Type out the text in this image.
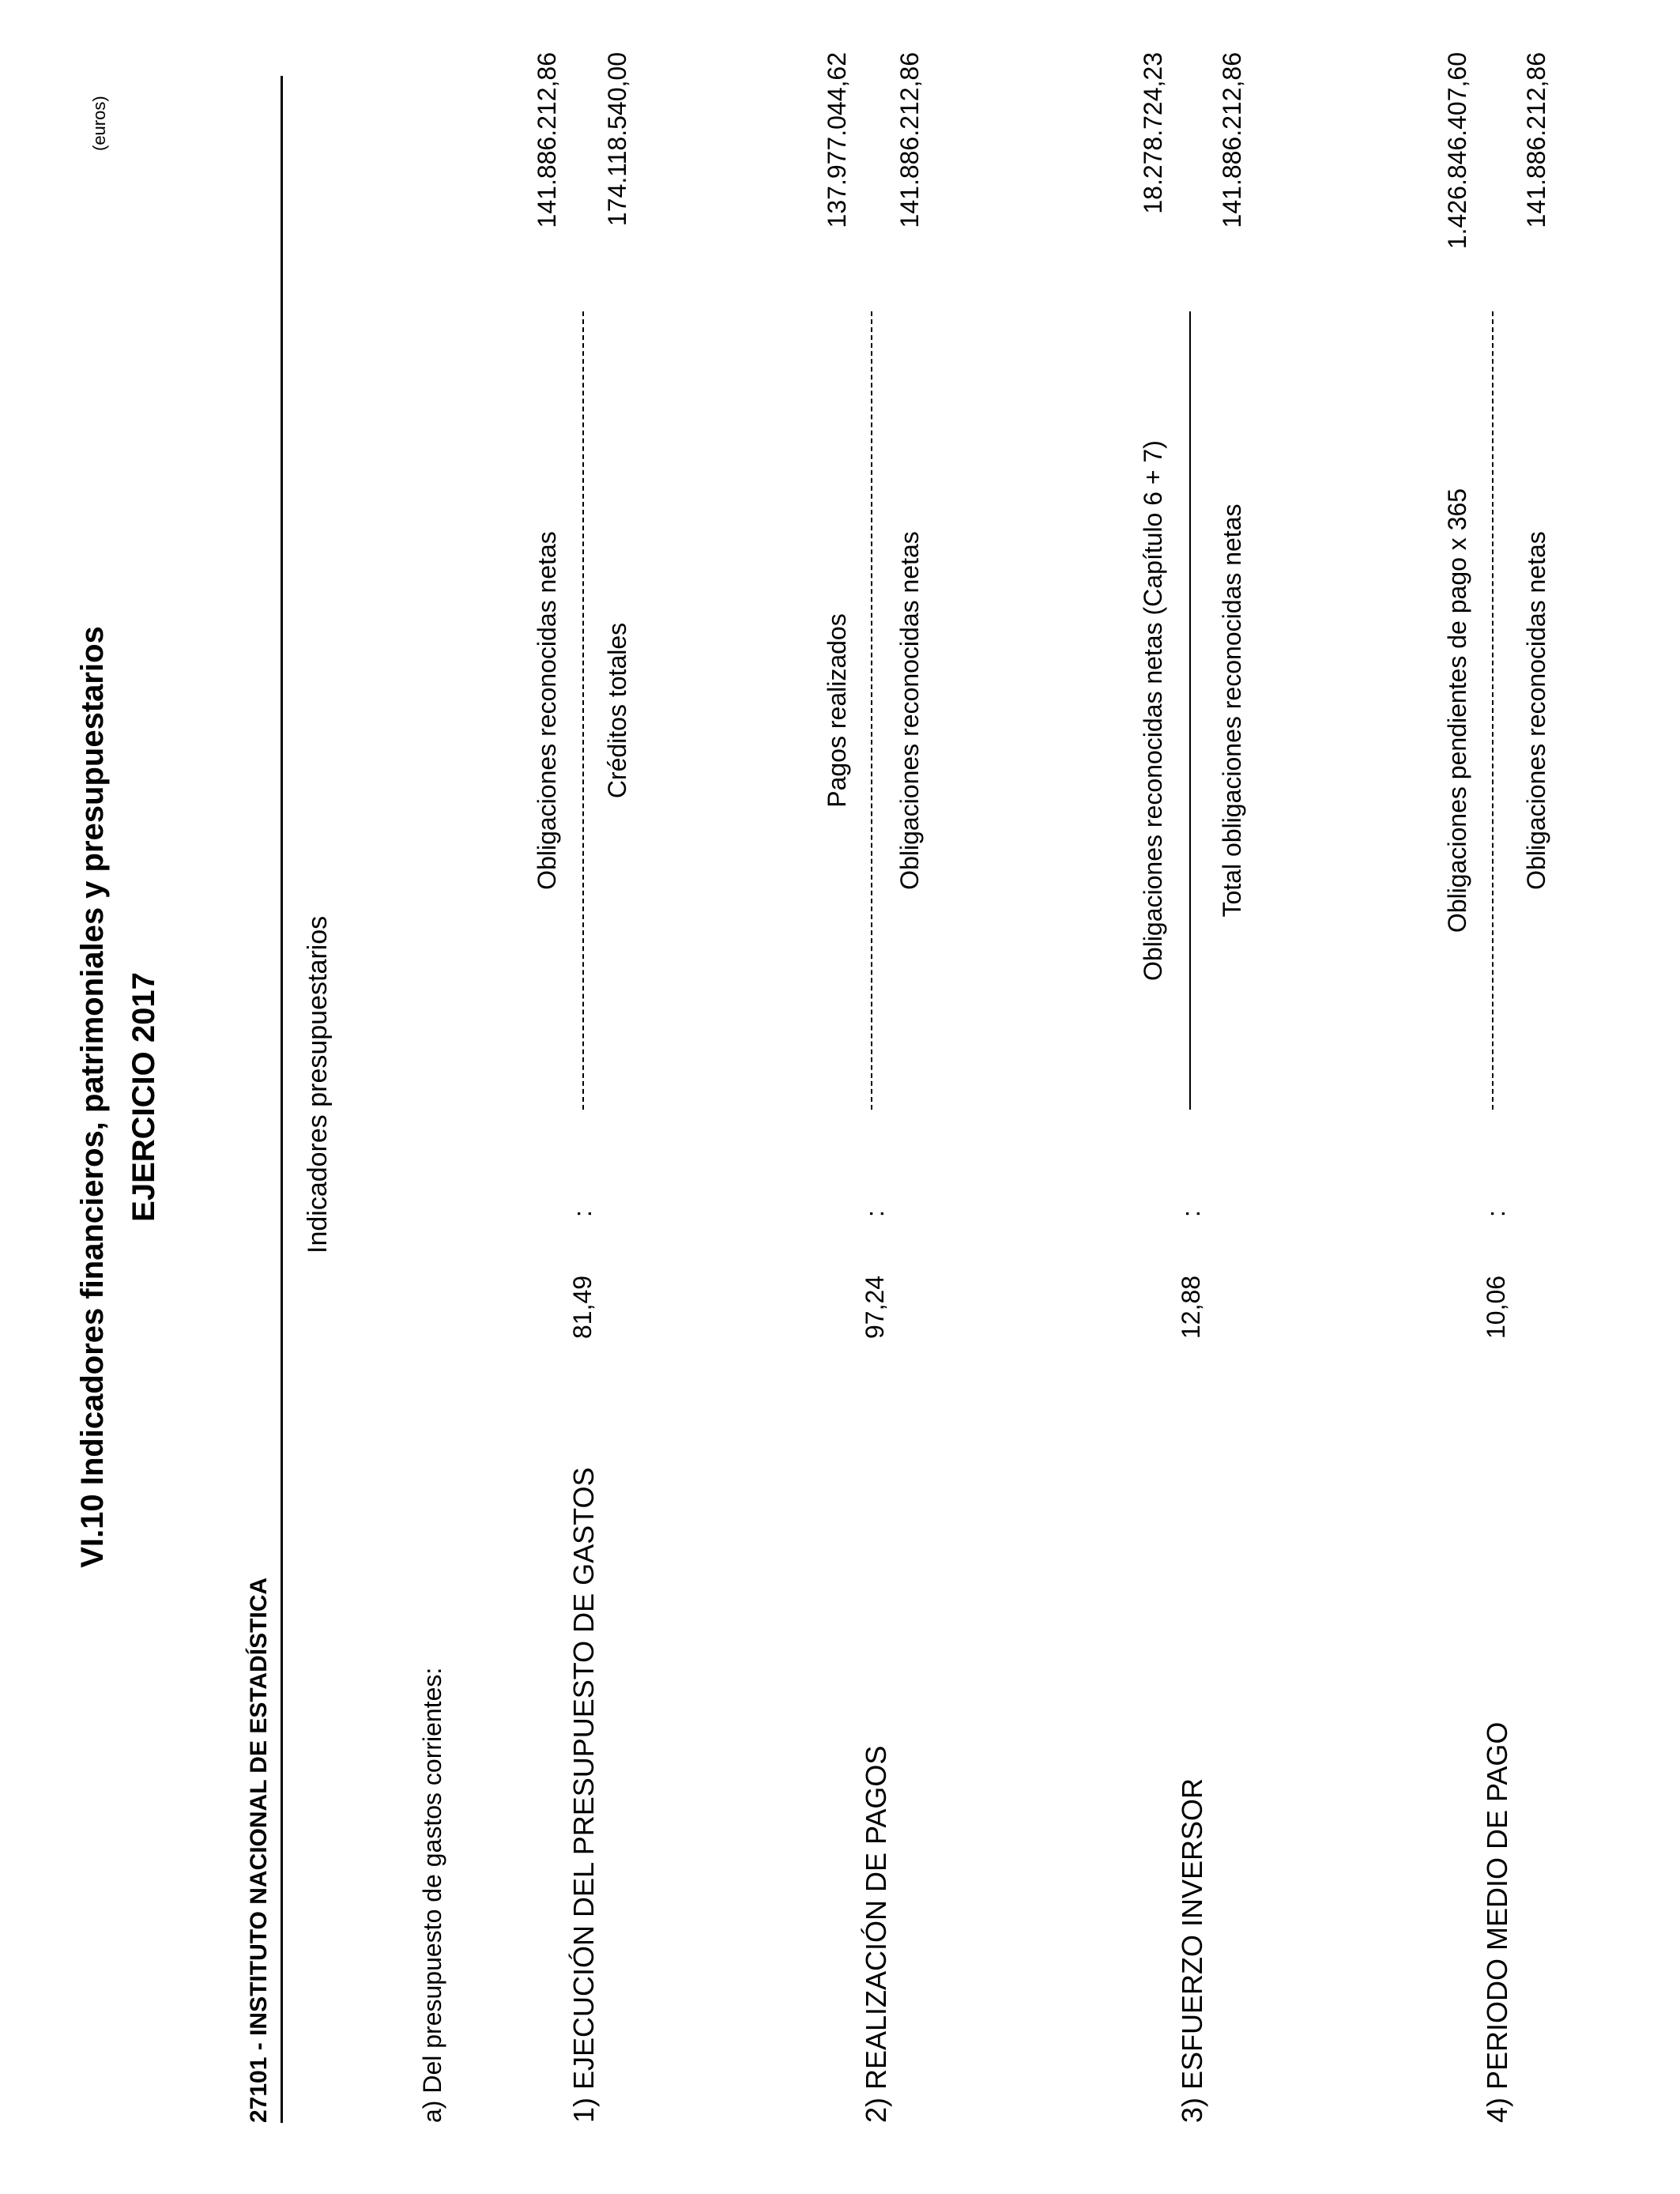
VI.10 Indicadores financieros, patrimoniales y presupuestarios EJERCICIO 2017
27101 - INSTITUTO NACIONAL DE ESTADÍSTICA
(euros)
Indicadores presupuestarios
a) Del presupuesto de gastos corrientes:	1) EJECUCIÓN DEL PRESUPUESTO DE GASTOS
Obligaciones reconocidas netas
141.886.212,86
81,49
:
Créditos totales
174.118.540,00
2) REALIZACIÓN DE PAGOS
Pagos realizados
137.977.044,62
97,24
:
Obligaciones reconocidas netas
141.886.212,86
3) ESFUERZO INVERSOR
Obligaciones reconocidas netas (Capítulo 6 + 7)
18.278.724,23
12,88
:
Total obligaciones reconocidas netas
141.886.212,86
4) PERIODO MEDIO DE PAGO
Obligaciones pendientes de pago x 365
1.426.846.407,60
10,06
:
Obligaciones reconocidas netas
141.886.212,86
